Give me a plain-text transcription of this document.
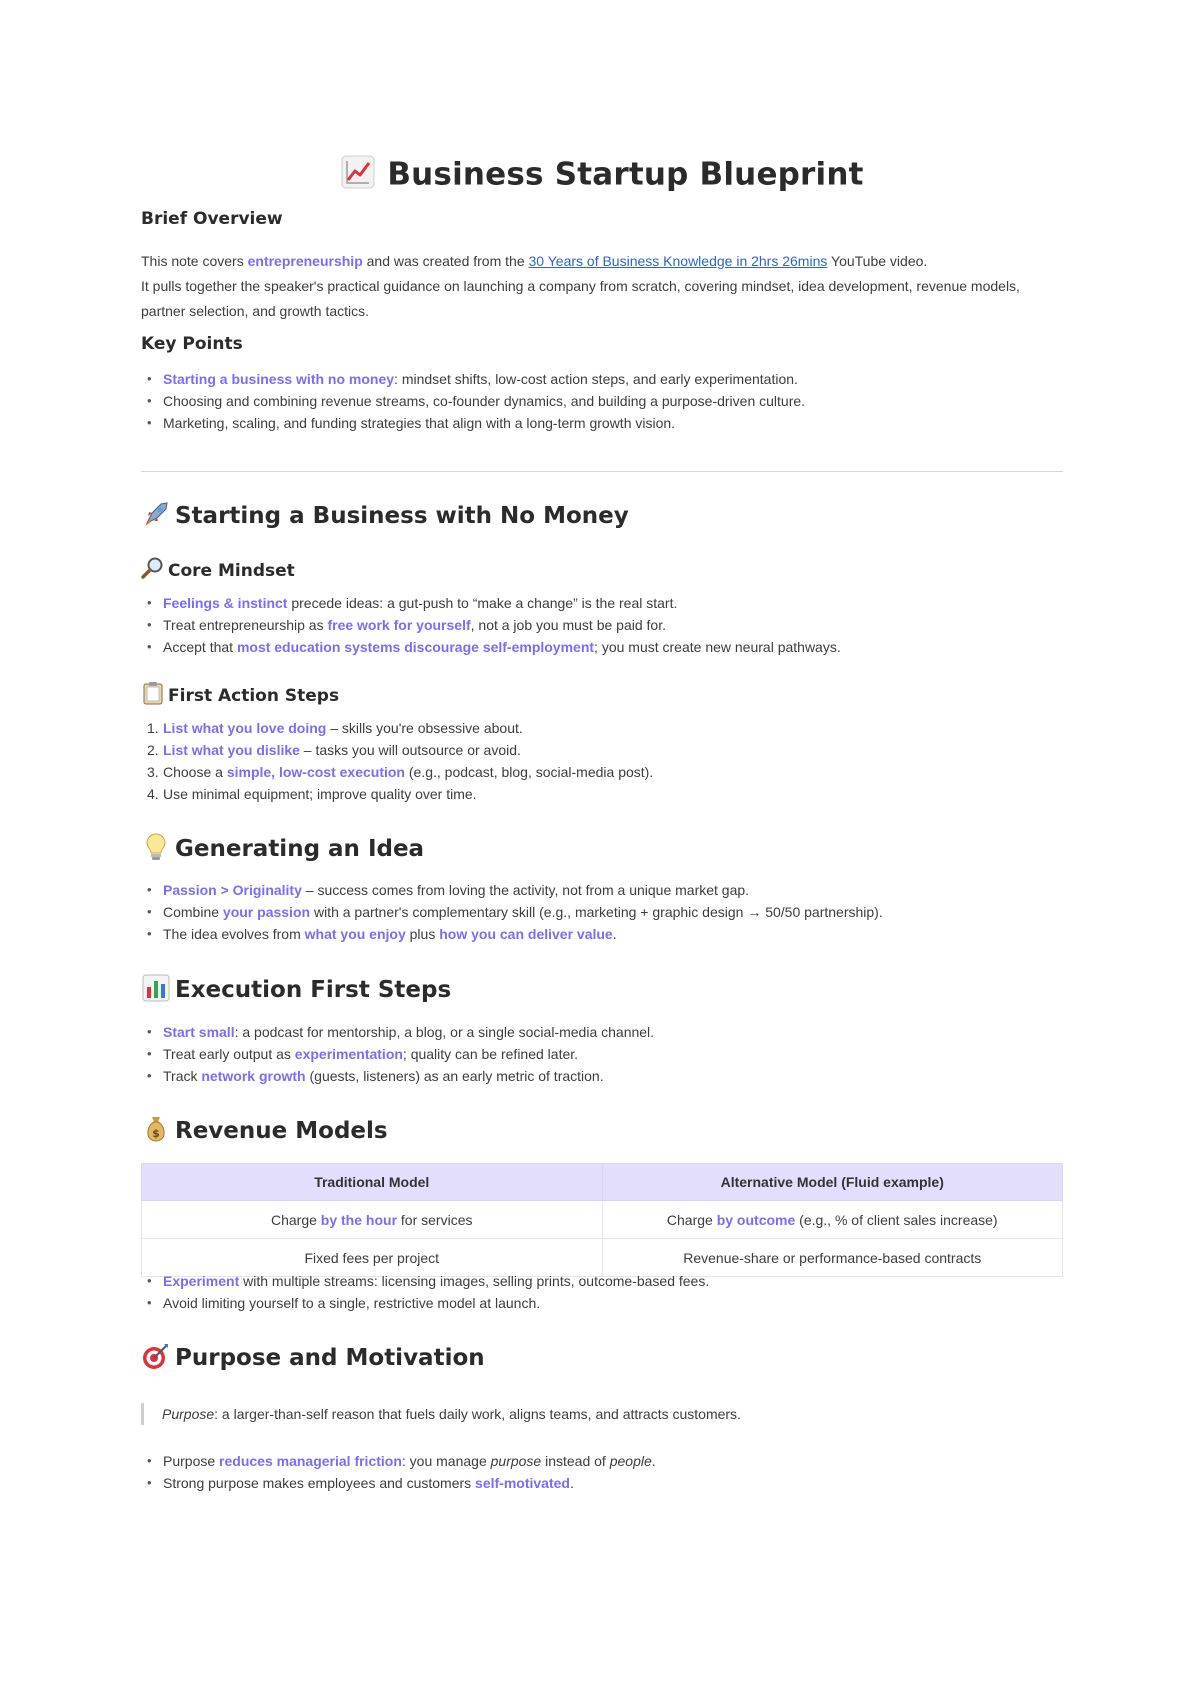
Business Startup Blueprint
Brief Overview
This note covers entrepreneurship and was created from the 30 Years of Business Knowledge in 2hrs 26mins YouTube video.
It pulls together the speaker's practical guidance on launching a company from scratch, covering mindset, idea development, revenue models, partner selection, and growth tactics.
Key Points
• Starting a business with no money: mindset shifts, low-cost action steps, and early experimentation.
• Choosing and combining revenue streams, co-founder dynamics, and building a purpose-driven culture.
• Marketing, scaling, and funding strategies that align with a long-term growth vision.
Starting a Business with No Money
Core Mindset
• Feelings & instinct precede ideas: a gut-push to “make a change” is the real start.
• Treat entrepreneurship as free work for yourself, not a job you must be paid for.
• Accept that most education systems discourage self-employment; you must create new neural pathways.
First Action Steps
1. List what you love doing – skills you're obsessive about.
2. List what you dislike – tasks you will outsource or avoid.
3. Choose a simple, low-cost execution (e.g., podcast, blog, social-media post).
4. Use minimal equipment; improve quality over time.
Generating an Idea
• Passion > Originality – success comes from loving the activity, not from a unique market gap.
• Combine your passion with a partner's complementary skill (e.g., marketing + graphic design → 50/50 partnership).
• The idea evolves from what you enjoy plus how you can deliver value.
Execution First Steps
• Start small: a podcast for mentorship, a blog, or a single social-media channel.
• Treat early output as experimentation; quality can be refined later.
• Track network growth (guests, listeners) as an early metric of traction.
$ Revenue Models
Traditional Model	Alternative Model (Fluid example)
Charge by the hour for services	Charge by outcome (e.g., % of client sales increase)
Fixed fees per project	Revenue-share or performance-based contracts
• Experiment with multiple streams: licensing images, selling prints, outcome-based fees.
• Avoid limiting yourself to a single, restrictive model at launch.
Purpose and Motivation
Purpose: a larger-than-self reason that fuels daily work, aligns teams, and attracts customers.
• Purpose reduces managerial friction: you manage purpose instead of people.
• Strong purpose makes employees and customers self-motivated.
